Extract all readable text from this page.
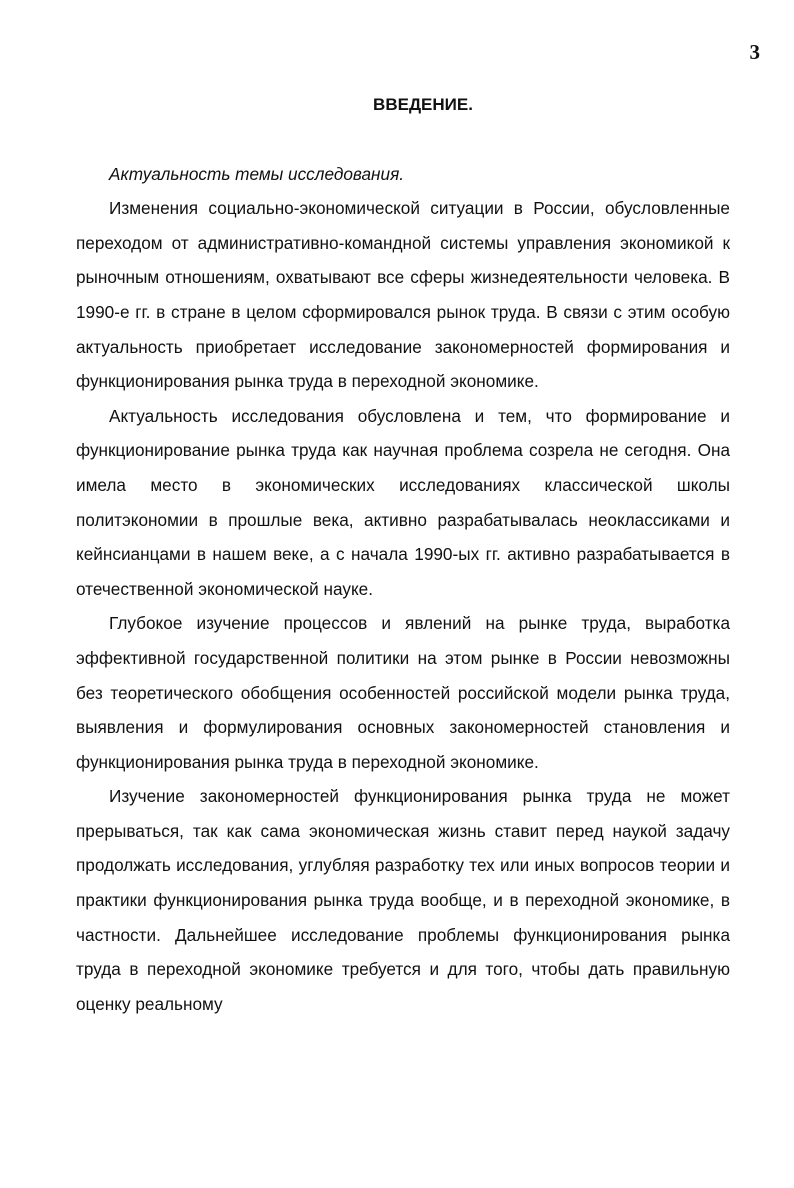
3
ВВЕДЕНИЕ.

Актуальность темы исследования.

Изменения социально-экономической ситуации в России, обусловленные переходом от административно-командной системы управления экономикой к рыночным отношениям, охватывают все сферы жизнедеятельности человека. В 1990-е гг. в стране в целом сформировался рынок труда. В связи с этим особую актуальность приобретает исследование закономерностей формирования и функционирования рынка труда в переходной экономике.

Актуальность исследования обусловлена и тем, что формирование и функционирование рынка труда как научная проблема созрела не сегодня. Она имела место в экономических исследованиях классической школы политэкономии в прошлые века, активно разрабатывалась неоклассиками и кейнсианцами в нашем веке, а с начала 1990-ых гг. активно разрабатывается в отечественной экономической науке.

Глубокое изучение процессов и явлений на рынке труда, выработка эффективной государственной политики на этом рынке в России невозможны без теоретического обобщения особенностей российской модели рынка труда, выявления и формулирования основных закономерностей становления и функционирования рынка труда в переходной экономике.

Изучение закономерностей функционирования рынка труда не может прерываться, так как сама экономическая жизнь ставит перед наукой задачу продолжать исследования, углубляя разработку тех или иных вопросов теории и практики функционирования рынка труда вообще, и в переходной экономике, в частности. Дальнейшее исследование проблемы функционирования рынка труда в переходной экономике требуется и для того, чтобы дать правильную оценку реальному
